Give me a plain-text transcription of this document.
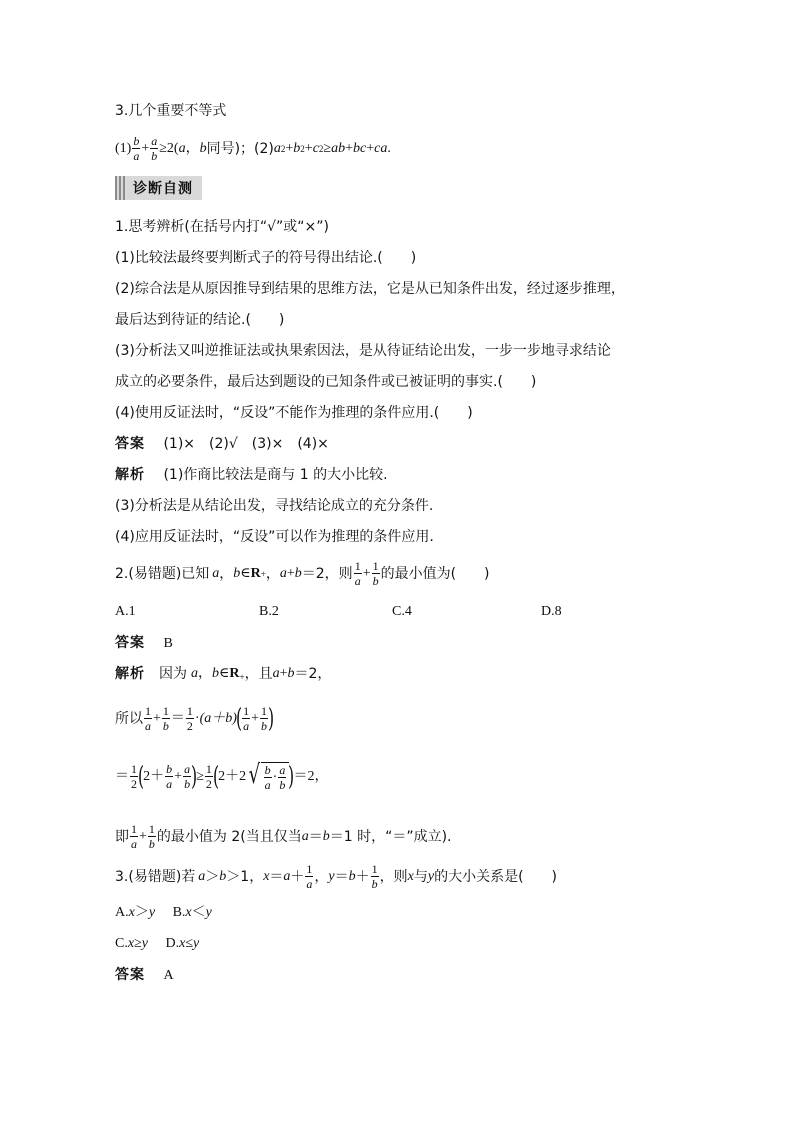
3.几个重要不等式
$(1) \frac{b}{a} + \frac{a}{b} \ge 2$( a ， b 同号)；(2) a 2 + b 2 + c 2 ≥ ab + bc + ca .
诊断自测
1.思考辨析(在括号内打“√”或“×”)
(1)比较法最终要判断式子的符号得出结论.(　　)
(2)综合法是从原因推导到结果的思维方法，它是从已知条件出发，经过逐步推理，
最后达到待证的结论.(　　)
(3)分析法又叫逆推证法或执果索因法，是从待证结论出发，一步一步地寻求结论
成立的必要条件，最后达到题设的已知条件或已被证明的事实.(　　)
(4)使用反证法时，“反设”不能作为推理的条件应用.(　　)
答案 (1)×　(2)√　(3)×　(4)×
解析 (1)作商比较法是商与 1 的大小比较.
(3)分析法是从结论出发，寻找结论成立的充分条件.
(4)应用反证法时，“反设”可以作为推理的条件应用.
2.(易错题)已知 a ， b ∈ R + ， a + b ＝2，则 $\frac{1}{a} + \frac{1}{b}$ 的最小值为(　　)
A.1	B.2	C.4	D.8
答案 B
解析 因为 a，$b\in R_+$ ，且 a+b ＝2，
所以 $\frac{1}{a} + \frac{1}{b} = \frac{1}{2} \cdot (a+b)$ ( $\frac{1}{a} + \frac{1}{b}$ )
＝ $\frac{1}{2}$ ( $2+ \frac{b}{a} + \frac{a}{b}$ ) ≥ $\frac{1}{2}$ ( 2＋ 2 √ $\frac{b}{a} \cdot \frac{a}{b}$ ) ＝2，
即 $\frac{1}{a} + \frac{1}{b}$ 的最小值为 2(当且仅当 a ＝ b ＝1 时，“＝”成立).
3.(易错题)若 a ＞ b ＞1， $x = a + \frac{1}{a}$ ， $y = b + \frac{1}{b}$ ，则 x 与 y 的大小关系是(　　)
A.x＞y B.x＜y
C.x≥y D.x≤y
答案 A
